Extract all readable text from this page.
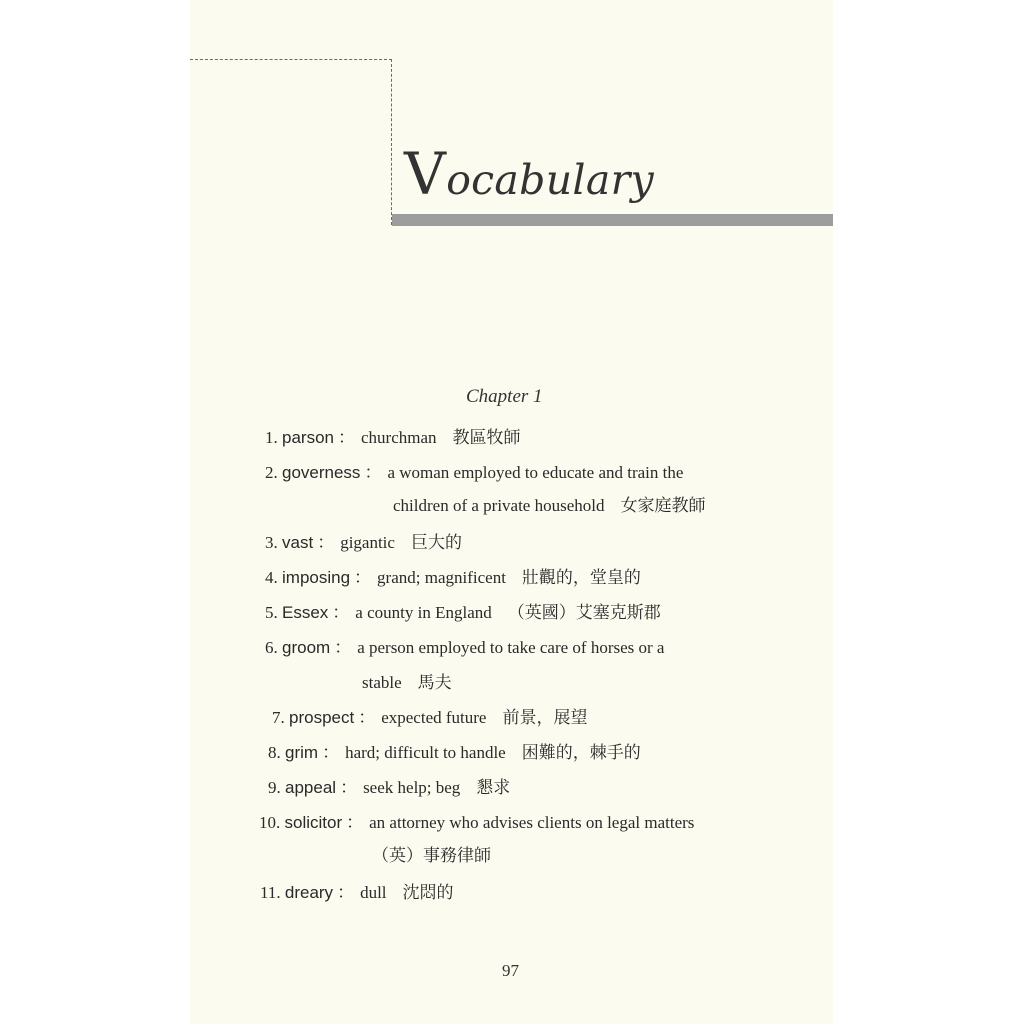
Vocabulary
Chapter 1
1. parson ： churchman 教區牧師
2. governess ： a woman employed to educate and train the
children of a private household 女家庭教師
3. vast ： gigantic 巨大的
4. imposing ： grand; magnificent 壯觀的，堂皇的
5. Essex ： a county in England （英國）艾塞克斯郡
6. groom ： a person employed to take care of horses or a
stable 馬夫
7. prospect ： expected future 前景，展望
8. grim ： hard; difficult to handle 困難的，棘手的
9. appeal ： seek help; beg 懇求
10. solicitor ： an attorney who advises clients on legal matters
（英）事務律師
11. dreary ： dull 沈悶的
97
